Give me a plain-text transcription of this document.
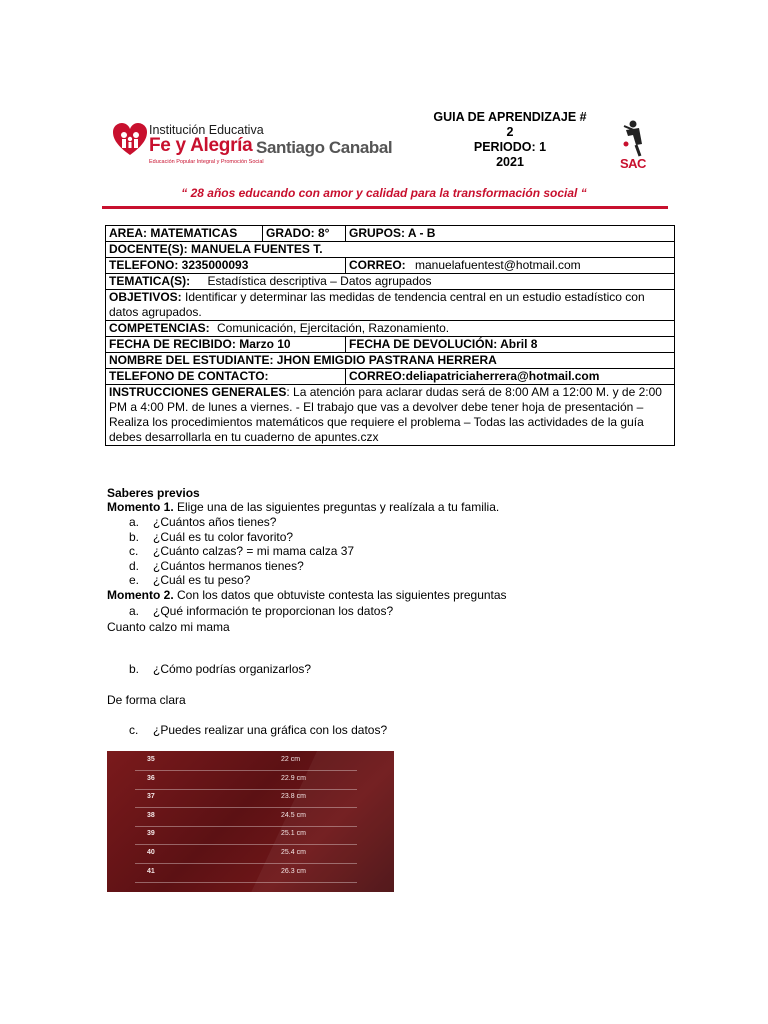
Institución Educativa
Fe y Alegría Santiago Canabal
Educación Popular Integral y Promoción Social
GUIA DE APRENDIZAJE #
2
PERIODO: 1
2021	SAC
“ 28 años educando con amor y calidad para la transformación social “
AREA: MATEMATICAS	GRADO: 8°	GRUPOS: A - B
DOCENTE(S): MANUELA FUENTES T.		
TELEFONO: 3235000093		CORREO: manuelafuentest@hotmail.com
TEMATICA(S): Estadística descriptiva – Datos agrupados		
OBJETIVOS: Identificar y determinar las medidas de tendencia central en un estudio estadístico con datos agrupados.		
COMPETENCIAS: Comunicación, Ejercitación, Razonamiento.		
FECHA DE RECIBIDO: Marzo 10		FECHA DE DEVOLUCIÓN: Abril 8
NOMBRE DEL ESTUDIANTE: JHON EMIGDIO PASTRANA HERRERA		
TELEFONO DE CONTACTO:		CORREO:deliapatriciaherrera@hotmail.com
INSTRUCCIONES GENERALES: La atención para aclarar dudas será de 8:00 AM a 12:00 M. y de 2:00 PM a 4:00 PM. de lunes a viernes. - El trabajo que vas a devolver debe tener hoja de presentación – Realiza los procedimientos matemáticos que requiere el problema – Todas las actividades de la guía debes desarrollarla en tu cuaderno de apuntes.czx		
Saberes previos
Momento 1. Elige una de las siguientes preguntas y realízala a tu familia.
a. ¿Cuántos años tienes?
b. ¿Cuál es tu color favorito?
c. ¿Cuánto calzas? = mi mama calza 37
d. ¿Cuántos hermanos tienes?
e. ¿Cuál es tu peso?
Momento 2. Con los datos que obtuviste contesta las siguientes preguntas
a. ¿Qué información te proporcionan los datos?
Cuanto calzo mi mama
b. ¿Cómo podrías organizarlos?
De forma clara
c. ¿Puedes realizar una gráfica con los datos?
35	22 cm
36	22.9 cm
37	23.8 cm
38	24.5 cm
39	25.1 cm
40	25.4 cm
41	26.3 cm
